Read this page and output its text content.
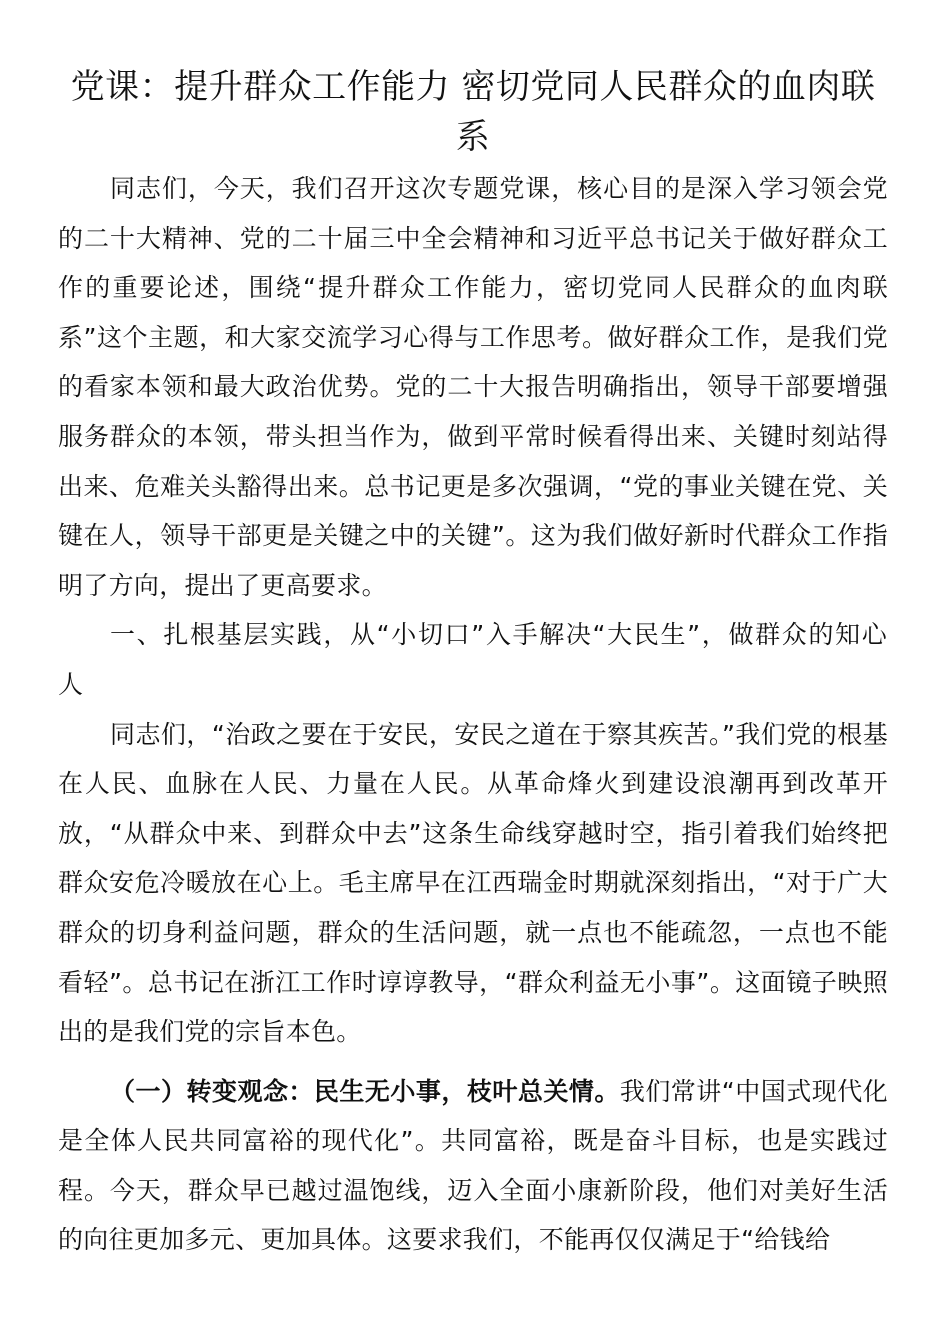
党课：提升群众工作能力 密切党同人民群众的血肉联系

同志们，今天，我们召开这次专题党课，核心目的是深入学习领会党的二十大精神、党的二十届三中全会精神和习近平总书记关于做好群众工作的重要论述，围绕“提升群众工作能力，密切党同人民群众的血肉联系”这个主题，和大家交流学习心得与工作思考。做好群众工作，是我们党的看家本领和最大政治优势。党的二十大报告明确指出，领导干部要增强服务群众的本领，带头担当作为，做到平常时候看得出来、关键时刻站得出来、危难关头豁得出来。总书记更是多次强调，“党的事业关键在党、关键在人，领导干部更是关键之中的关键”。这为我们做好新时代群众工作指明了方向，提出了更高要求。

一、扎根基层实践，从“小切口”入手解决“大民生”，做群众的知心人

同志们，“治政之要在于安民，安民之道在于察其疾苦。”我们党的根基在人民、血脉在人民、力量在人民。从革命烽火到建设浪潮再到改革开放，“从群众中来、到群众中去”这条生命线穿越时空，指引着我们始终把群众安危冷暖放在心上。毛主席早在江西瑞金时期就深刻指出，“对于广大群众的切身利益问题，群众的生活问题，就一点也不能疏忽，一点也不能看轻”。总书记在浙江工作时谆谆教导，“群众利益无小事”。这面镜子映照出的是我们党的宗旨本色。

（一）转变观念：民生无小事，枝叶总关情。我们常讲“中国式现代化是全体人民共同富裕的现代化”。共同富裕，既是奋斗目标，也是实践过程。今天，群众早已越过温饱线，迈入全面小康新阶段，他们对美好生活的向往更加多元、更加具体。这要求我们，不能再仅仅满足于“给钱给
